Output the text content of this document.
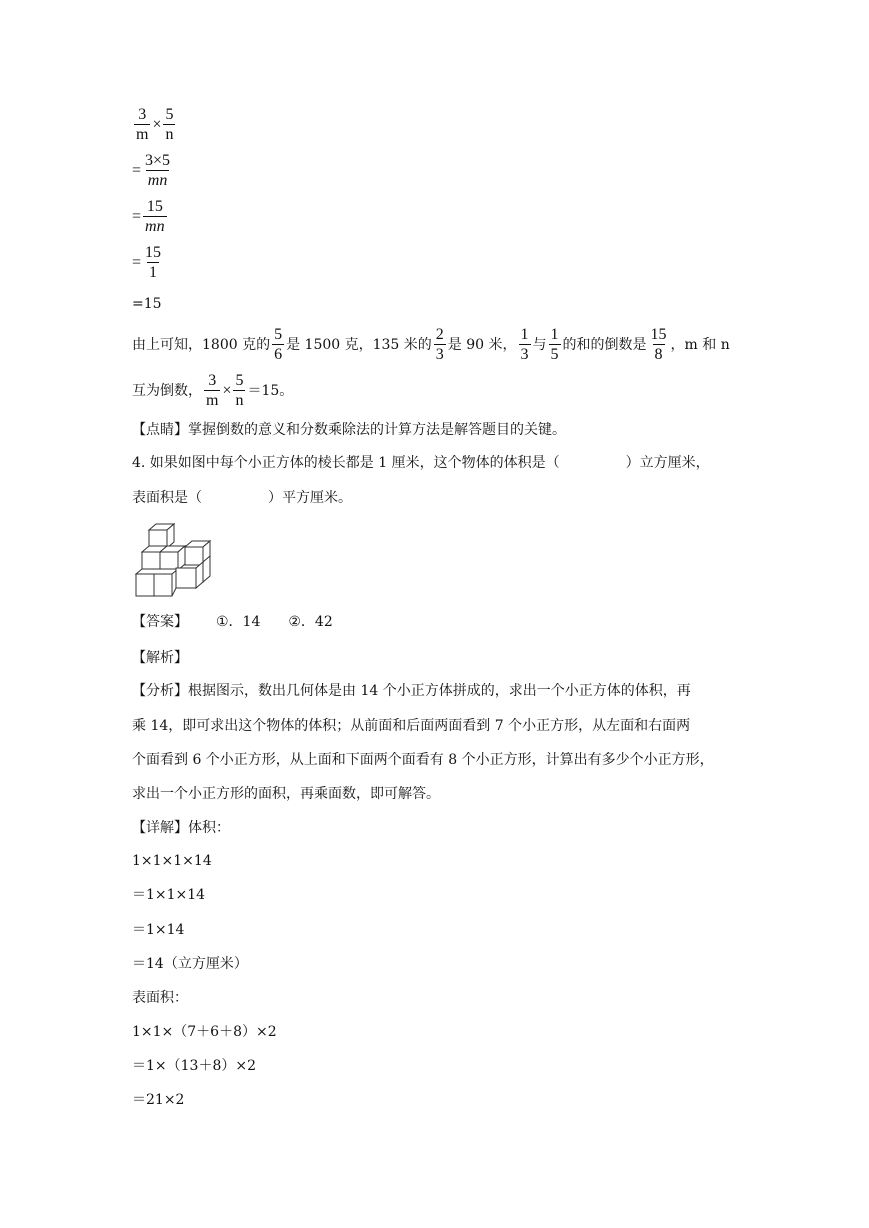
$\frac{3}{m} \times \frac{5}{n}$
= $\frac{3\times 5}{mn}$
= $\frac{15}{mn}$
= $\frac{15}{1}$
=15
由上可知，1800 克的 $\frac{5}{6}$ 是 1500 克，135 米的 $\frac{2}{3}$ 是 90 米， $\frac{1}{3}$ 与 $\frac{1}{5}$ 的和的倒数是 $\frac{15}{8}$ ，m 和 n
互为倒数， $\frac{3}{m} \times \frac{5}{n} =15$。
【点睛】掌握倒数的意义和分数乘除法的计算方法是解答题目的关键。
4. 如果如图中每个小正方体的棱长都是 1 厘米，这个物体的体积是（	）立方厘米，
表面积是（	）平方厘米。
【答案】 ①．14 ②．42
【解析】
【分析】根据图示，数出几何体是由 14 个小正方体拼成的，求出一个小正方体的体积，再
乘 14，即可求出这个物体的体积；从前面和后面两面看到 7 个小正方形，从左面和右面两
个面看到 6 个小正方形，从上面和下面两个面看有 8 个小正方形，计算出有多少个小正方形，
求出一个小正方形的面积，再乘面数，即可解答。
【详解】体积：
1×1×1×14
＝1×1×14
＝1×14
＝14（立方厘米）
表面积：
1×1×（7＋6＋8）×2
＝1×（13＋8）×2
＝21×2
